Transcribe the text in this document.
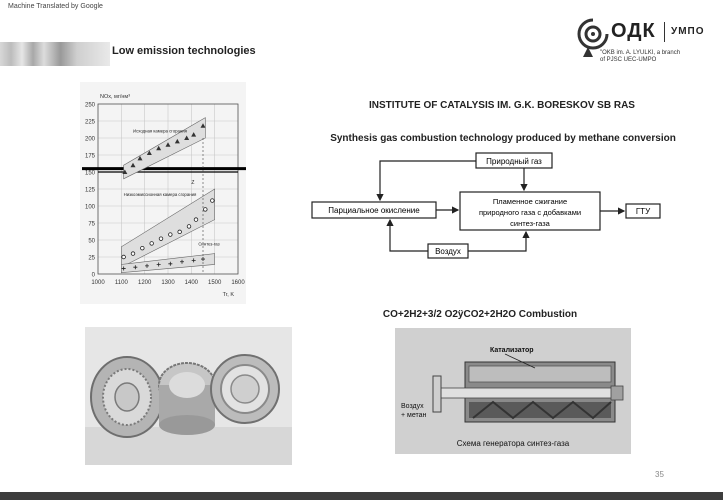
Machine Translated by Google
Low emission technologies
ОДК УМПО
"OKB im. A. LYULKI, a branch
of PJSC UEC-UMPO
0
25
50
75
100
125
150
175
200
225
250
1000 1100 1200 1300 1400 1500 1600
NOx, мг/нм³
Tr, K
Исходная камера сгорания
Низкоэмиссионная камера сгорания
Синтез-газ
Z
INSTITUTE OF CATALYSIS IM. G.K. BORESKOV SB RAS
Synthesis gas combustion technology produced by methane conversion
Природный газ
Пламенное сжигание
природного газа с добавками
синтез-газа
Парциальное окисление	ГТУ
Воздух
CO+2H2+3/2 O2ÿCO2+2H2O Combustion
Катализатор
Воздух
+ метан
Схема генератора синтез-газа
35
